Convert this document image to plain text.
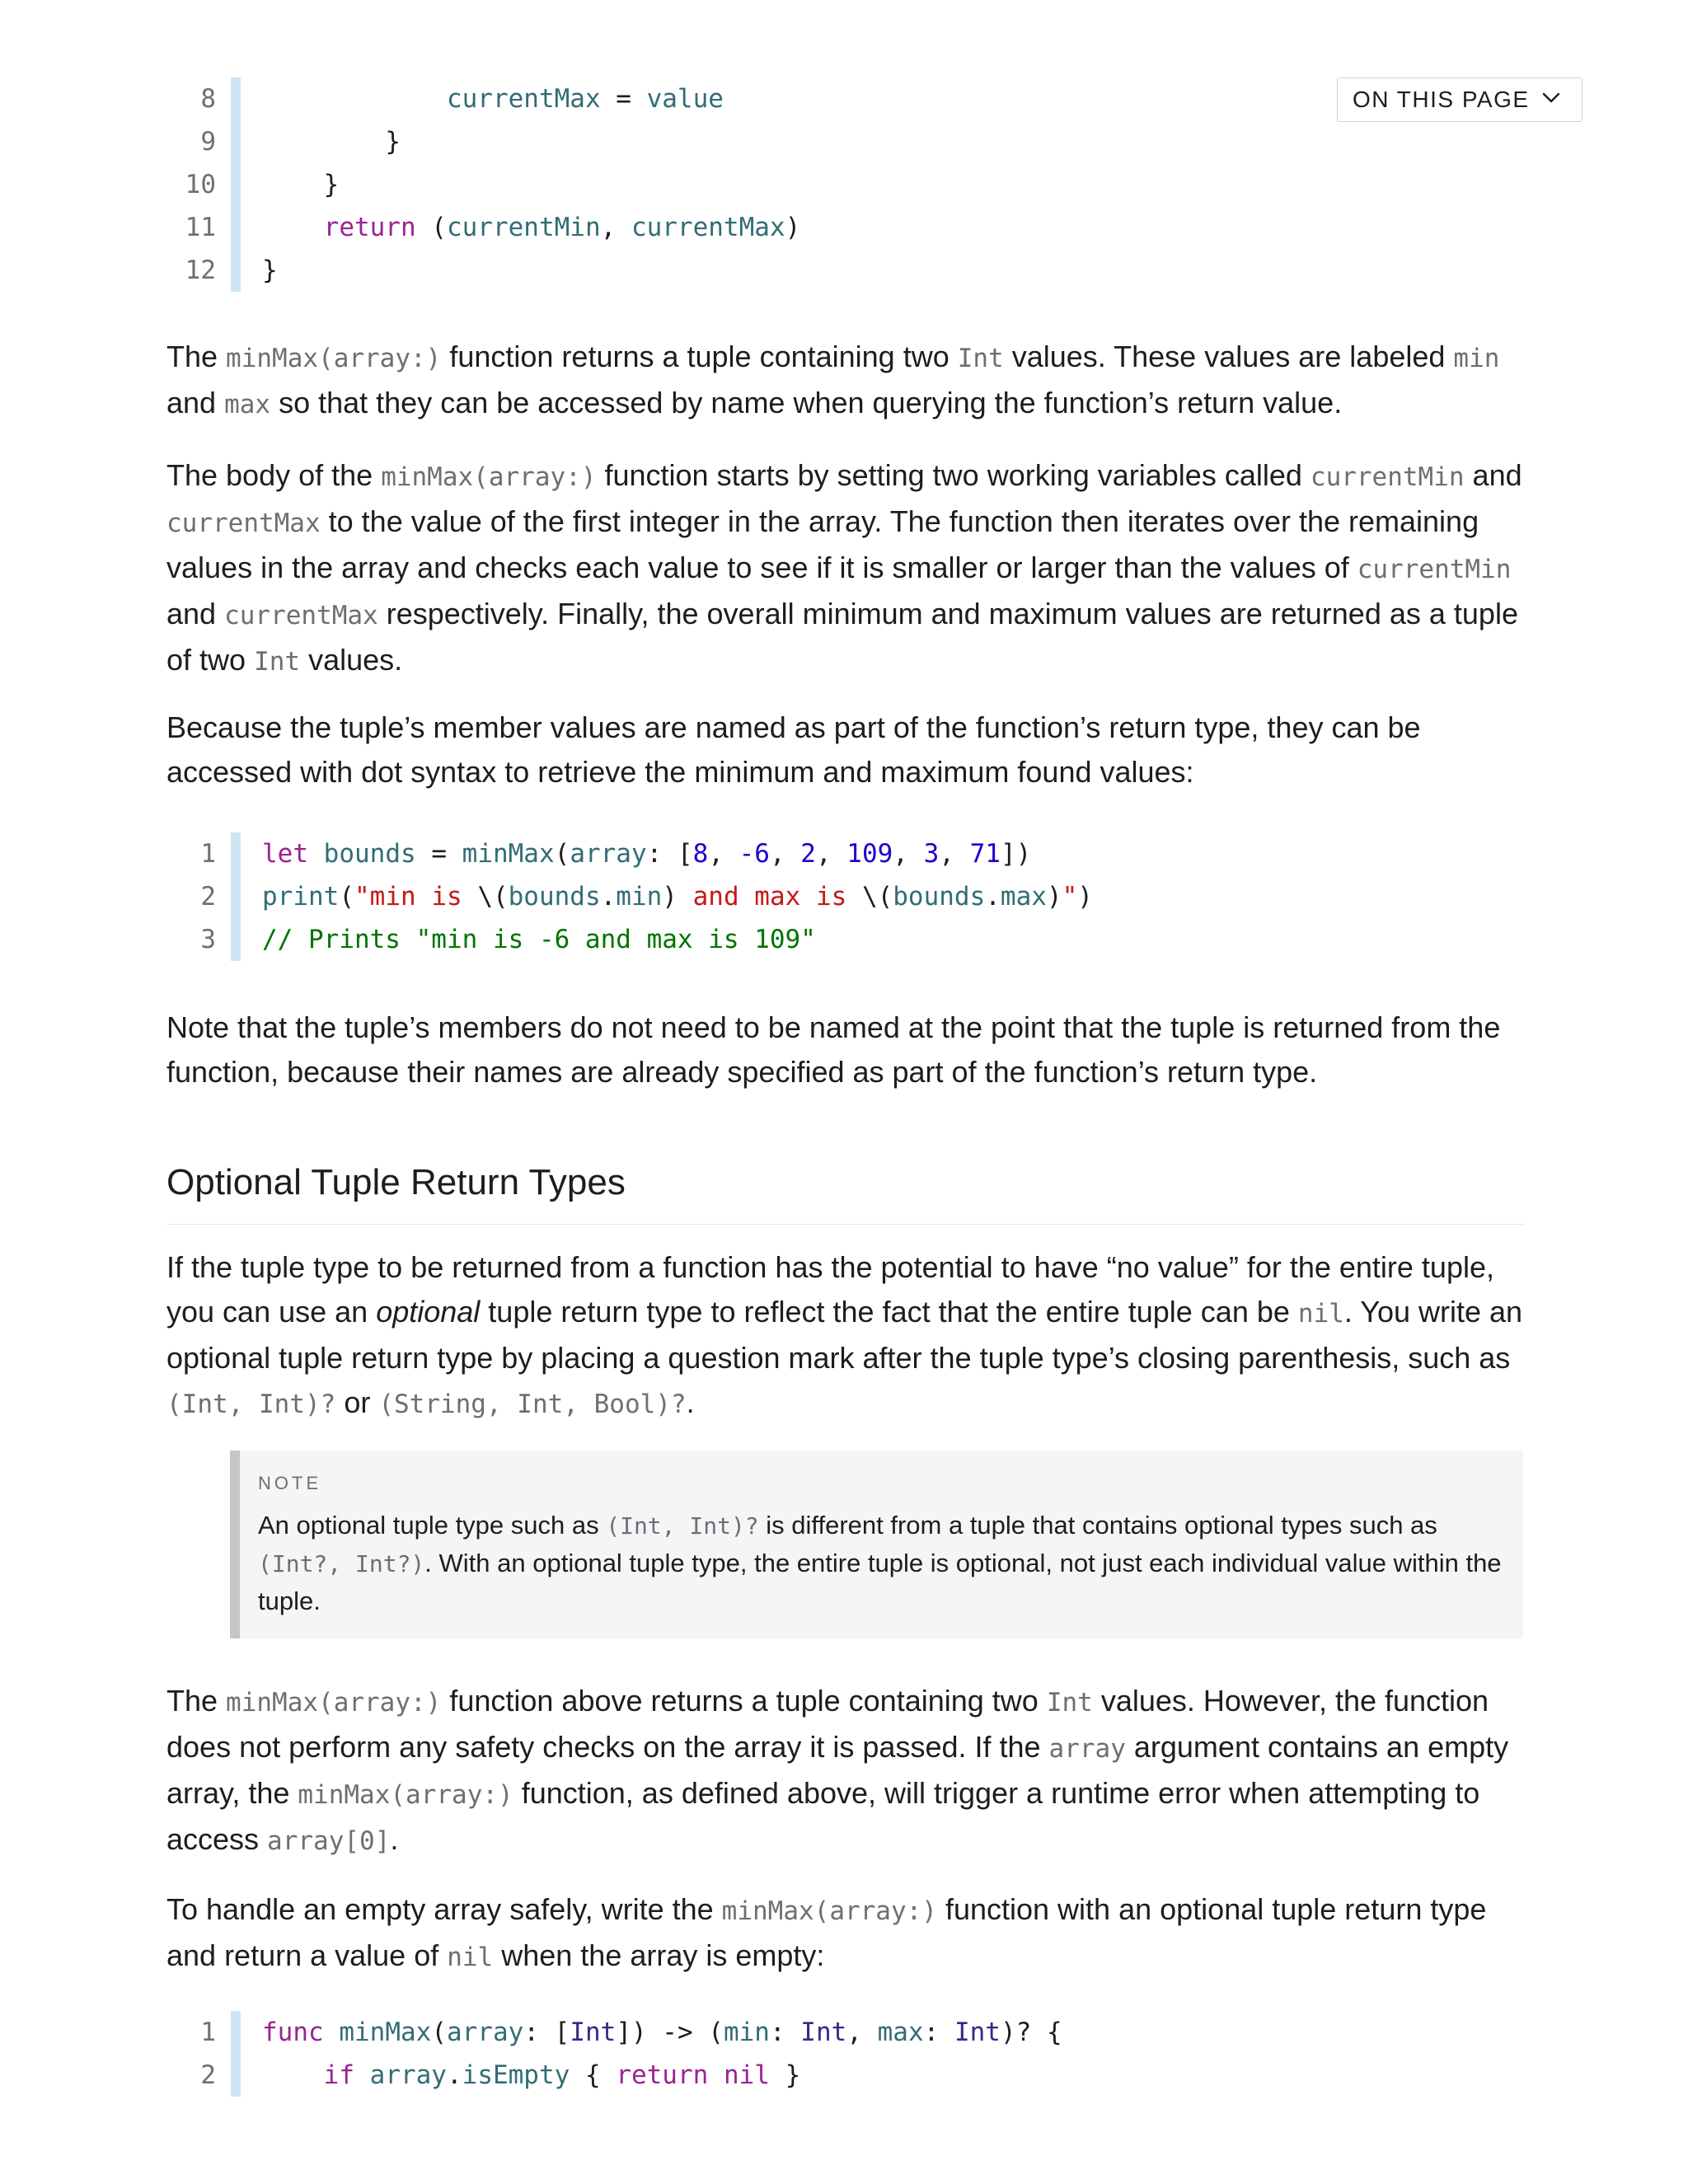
8	currentMax = value
9	}
10	}
11	return (currentMin, currentMax)
12	}

The minMax(array:) function returns a tuple containing two Int values. These values are labeled min and max so that they can be accessed by name when querying the function’s return value.

The body of the minMax(array:) function starts by setting two working variables called currentMin and currentMax to the value of the first integer in the array. The function then iterates over the remaining values in the array and checks each value to see if it is smaller or larger than the values of currentMin and currentMax respectively. Finally, the overall minimum and maximum values are returned as a tuple of two Int values.

Because the tuple’s member values are named as part of the function’s return type, they can be accessed with dot syntax to retrieve the minimum and maximum found values:

1	let bounds = minMax(array: [8, -6, 2, 109, 3, 71])
2	print("min is \(bounds.min) and max is \(bounds.max)")
3	// Prints "min is -6 and max is 109"

Note that the tuple’s members do not need to be named at the point that the tuple is returned from the function, because their names are already specified as part of the function’s return type.

Optional Tuple Return Types

If the tuple type to be returned from a function has the potential to have “no value” for the entire tuple, you can use an optional tuple return type to reflect the fact that the entire tuple can be nil. You write an optional tuple return type by placing a question mark after the tuple type’s closing parenthesis, such as (Int, Int)? or (String, Int, Bool)?.

NOTE
An optional tuple type such as (Int, Int)? is different from a tuple that contains optional types such as (Int?, Int?). With an optional tuple type, the entire tuple is optional, not just each individual value within the tuple.

The minMax(array:) function above returns a tuple containing two Int values. However, the function does not perform any safety checks on the array it is passed. If the array argument contains an empty array, the minMax(array:) function, as defined above, will trigger a runtime error when attempting to access array[0].

To handle an empty array safely, write the minMax(array:) function with an optional tuple return type and return a value of nil when the array is empty:

1	func minMax(array: [Int]) -> (min: Int, max: Int)? {
2	if array.isEmpty { return nil }
ON THIS PAGE
